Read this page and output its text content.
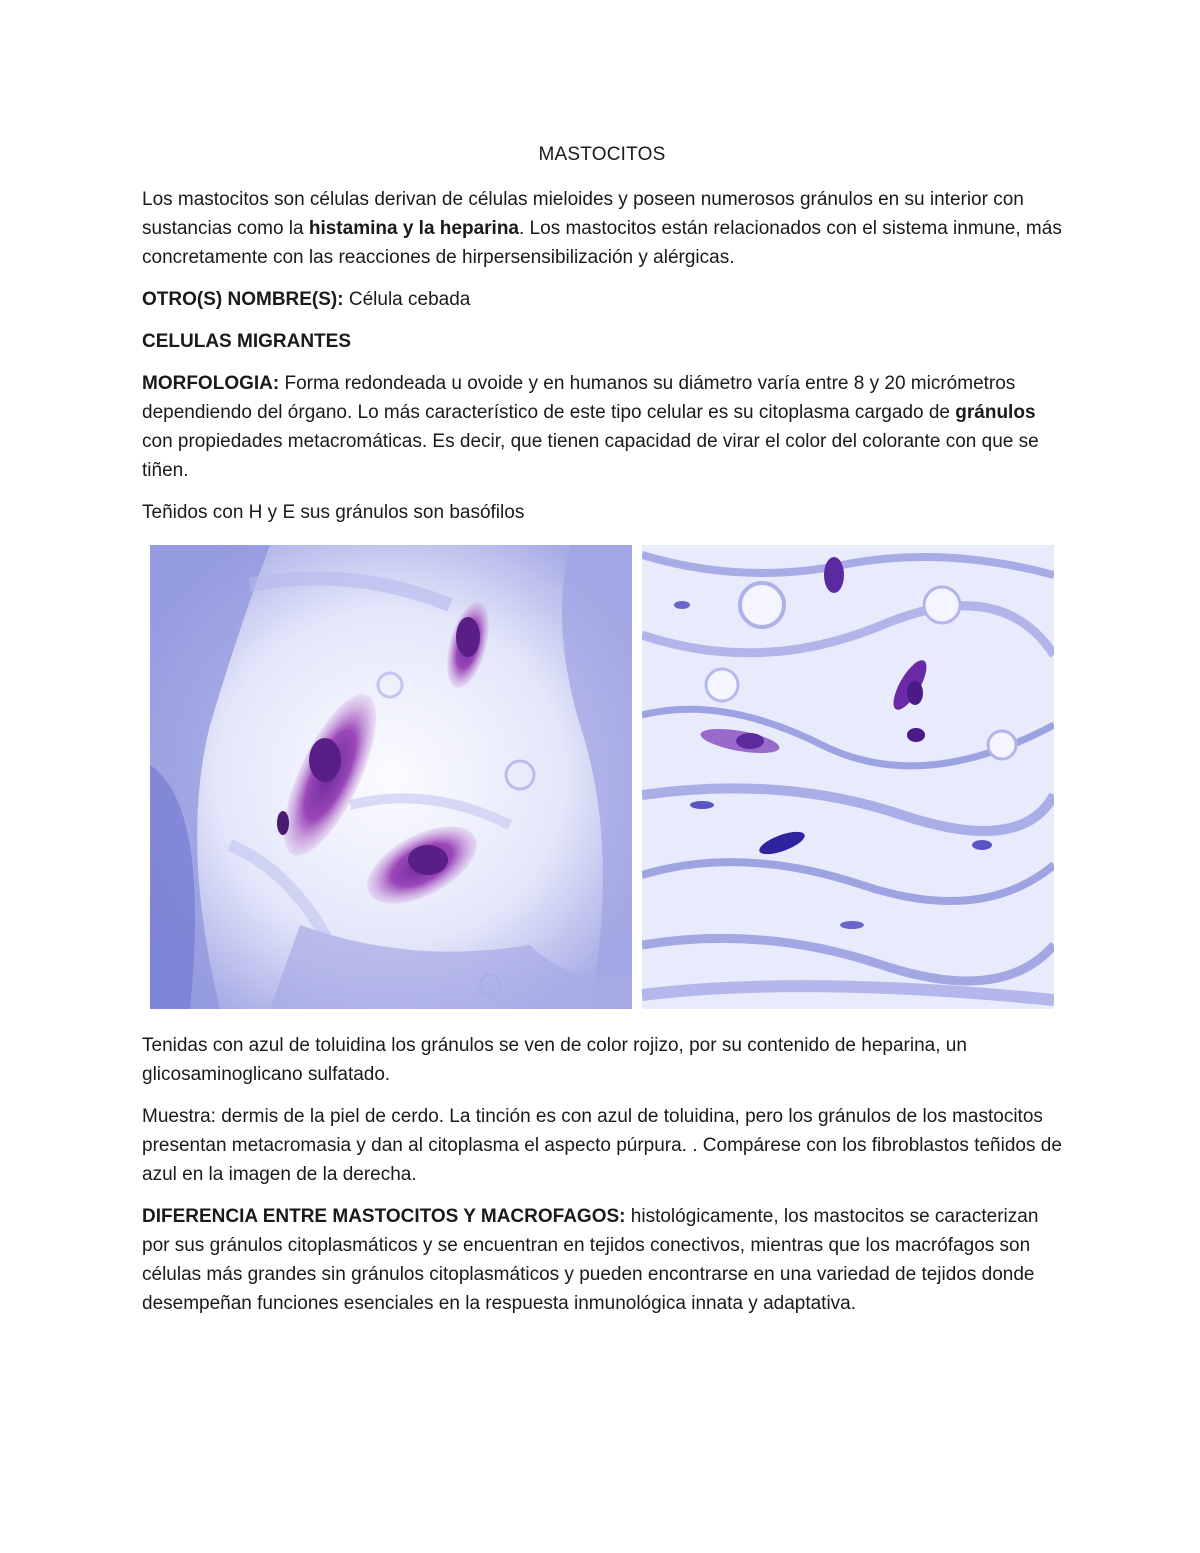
MASTOCITOS

Los mastocitos son células derivan de células mieloides y poseen numerosos gránulos en su interior con sustancias como la histamina y la heparina. Los mastocitos están relacionados con el sistema inmune, más concretamente con las reacciones de hirpersensibilización y alérgicas.

OTRO(S) NOMBRE(S): Célula cebada

CELULAS MIGRANTES

MORFOLOGIA: Forma redondeada u ovoide y en humanos su diámetro varía entre 8 y 20 micrómetros dependiendo del órgano. Lo más característico de este tipo celular es su citoplasma cargado de gránulos con propiedades metacromáticas. Es decir, que tienen capacidad de virar el color del colorante con que se tiñen.

Teñidos con H y E sus gránulos son basófilos

Tenidas con azul de toluidina los gránulos se ven de color rojizo, por su contenido de heparina, un glicosaminoglicano sulfatado.

Muestra: dermis de la piel de cerdo. La tinción es con azul de toluidina, pero los gránulos de los mastocitos presentan metacromasia y dan al citoplasma el aspecto púrpura. . Compárese con los fibroblastos teñidos de azul en la imagen de la derecha.

DIFERENCIA ENTRE MASTOCITOS Y MACROFAGOS: histológicamente, los mastocitos se caracterizan por sus gránulos citoplasmáticos y se encuentran en tejidos conectivos, mientras que los macrófagos son células más grandes sin gránulos citoplasmáticos y pueden encontrarse en una variedad de tejidos donde desempeñan funciones esenciales en la respuesta inmunológica innata y adaptativa.
